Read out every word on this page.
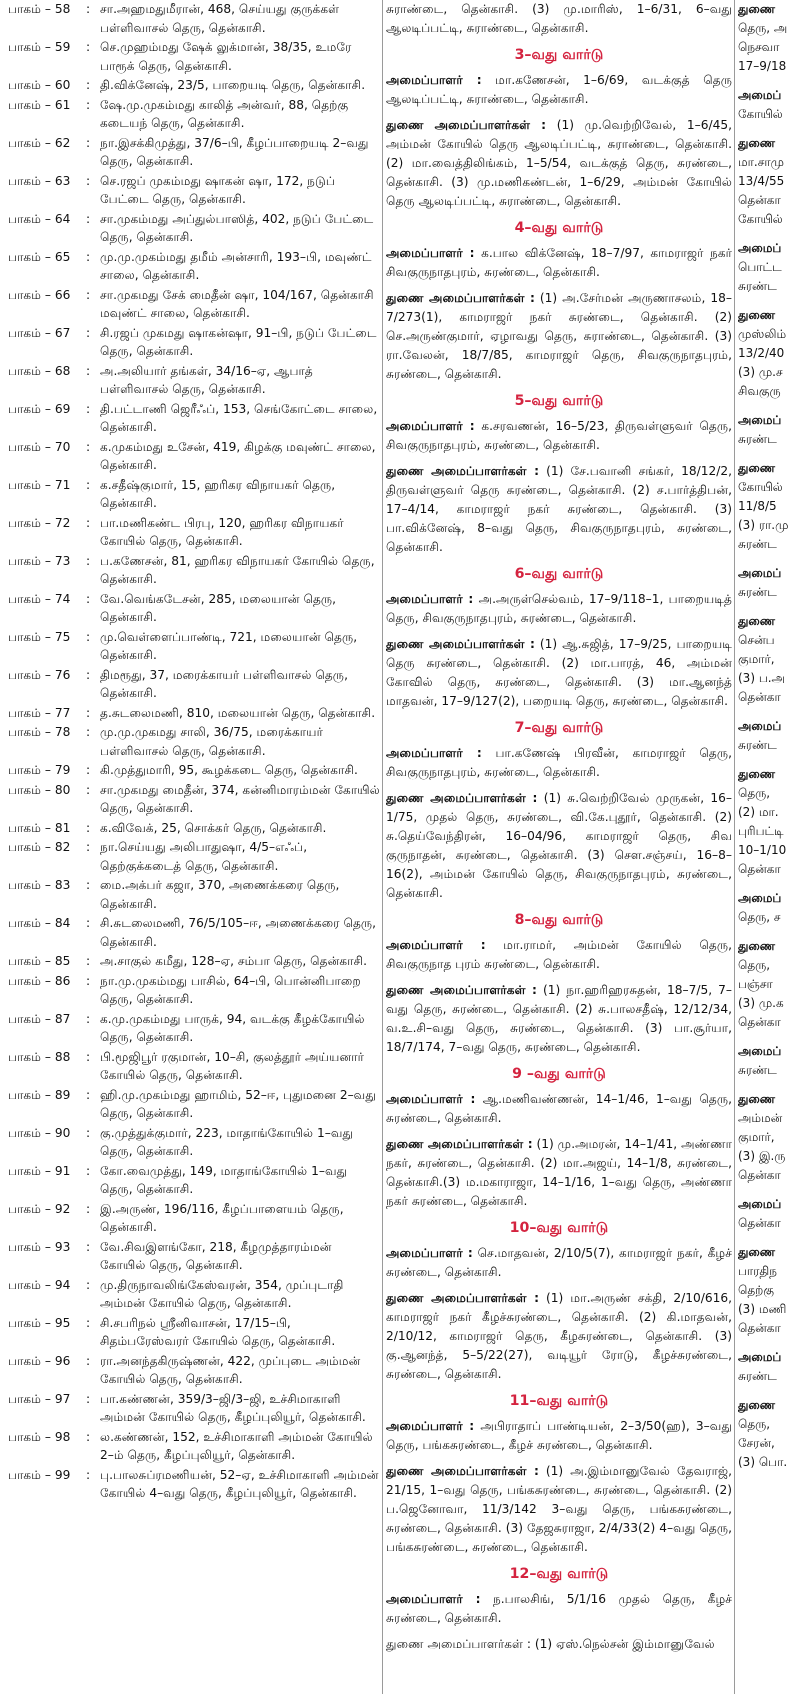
பாகம் – 58	: சா.அஹமதுமீரான், 468, செய்யது குருக்கள் பள்ளிவாசல் தெரு, தென்காசி.
பாகம் – 59	: செ.முஹம்மது ஷேக் லுக்மான், 38/35, உமரே பாரூக் தெரு, தென்காசி.
பாகம் – 60	: தி.விக்னேஷ், 23/5, பாறையடி தெரு, தென்காசி.
பாகம் – 61	: ஷே.மு.முகம்மது காலித் அன்வர், 88, தெற்கு கடையந் தெரு, தென்காசி.
பாகம் – 62	: நா.இசக்கிமுத்து, 37/6–பி, கீழப்பாறையடி 2–வது தெரு, தென்காசி.
பாகம் – 63	: செ.ரஜப் முகம்மது ஷாகன் ஷா, 172, நடுப் பேட்டை தெரு, தென்காசி.
பாகம் – 64	: சா.முகம்மது அப்துல்பாஸித், 402, நடுப் பேட்டை தெரு, தென்காசி.
பாகம் – 65	: மு.மு.முகம்மது தமீம் அன்சாரி, 193–பி, மவுண்ட் சாலை, தென்காசி.
பாகம் – 66	: சா.முகமது சேக் மைதீன் ஷா, 104/167, தென்காசி மவுண்ட் சாலை, தென்காசி.
பாகம் – 67	: சி.ரஜப் முகமது ஷாகன்ஷா, 91–பி, நடுப் பேட்டை தெரு, தென்காசி.
பாகம் – 68	: அ.அலியார் தங்கள், 34/16–ஏ, ஆபாத் பள்ளிவாசல் தெரு, தென்காசி.
பாகம் – 69	: தி.பட்டாணி ஜெரீஃப், 153, செங்கோட்டை சாலை, தென்காசி.
பாகம் – 70	: க.முகம்மது உசேன், 419, கிழக்கு மவுண்ட் சாலை, தென்காசி.
பாகம் – 71	: க.சதீஷ்குமார், 15, ஹரிகர விநாயகர் தெரு, தென்காசி.
பாகம் – 72	: பா.மணிகண்ட பிரபு, 120, ஹரிகர விநாயகர் கோயில் தெரு, தென்காசி.
பாகம் – 73	: ப.கணேசன், 81, ஹரிகர விநாயகர் கோயில் தெரு, தென்காசி.
பாகம் – 74	: வே.வெங்கடேசன், 285, மலையான் தெரு, தென்காசி.
பாகம் – 75	: மு.வெள்ளைப்பாண்டி, 721, மலையான் தெரு, தென்காசி.
பாகம் – 76	: திமரூது, 37, மரைக்காயர் பள்ளிவாசல் தெரு, தென்காசி.
பாகம் – 77	: த.சுடலைமணி, 810, மலையான் தெரு, தென்காசி.
பாகம் – 78	: மு.மு.முகமது சாலி, 36/75, மரைக்காயர் பள்ளிவாசல் தெரு, தென்காசி.
பாகம் – 79	: கி.முத்துமாரி, 95, கூழக்கடை தெரு, தென்காசி.
பாகம் – 80	: சா.முகமது மைதீன், 374, கன்னிமாரம்மன் கோயில் தெரு, தென்காசி.
பாகம் – 81	: க.விவேக், 25, சொக்கர் தெரு, தென்காசி.
பாகம் – 82	: நா.செய்யது அலிபாதுஷா, 4/5–எஃப், தெற்குக்கடைத் தெரு, தென்காசி.
பாகம் – 83	: மை.அக்பர் கஜா, 370, அணைக்கரை தெரு, தென்காசி.
பாகம் – 84	: சி.சுடலைமணி, 76/5/105–ஈ, அணைக்கரை தெரு, தென்காசி.
பாகம் – 85	: அ.சாகுல் கமீது, 128–ஏ, சம்பா தெரு, தென்காசி.
பாகம் – 86	: நா.மு.முகம்மது பாசில், 64–பி, பொன்னிபாறை தெரு, தென்காசி.
பாகம் – 87	: க.மு.முகம்மது பாருக், 94, வடக்கு கீழக்கோயில் தெரு, தென்காசி.
பாகம் – 88	: பி.மூஜிபூர் ரகுமான், 10–சி, குலத்தூர் அய்யனார் கோயில் தெரு, தென்காசி.
பாகம் – 89	: ஹி.மு.முகம்மது ஹாமிம், 52–ஈ, புதுமனை 2–வது தெரு, தென்காசி.
பாகம் – 90	: கு.முத்துக்குமார், 223, மாதாங்கோயில் 1–வது தெரு, தென்காசி.
பாகம் – 91	: கோ.வைமுத்து, 149, மாதாங்கோயில் 1–வது தெரு, தென்காசி.
பாகம் – 92	: இ.அருண், 196/116, கீழப்பாளையம் தெரு, தென்காசி.
பாகம் – 93	: வே.சிவஇளங்கோ, 218, கீழமுத்தாரம்மன் கோயில் தெரு, தென்காசி.
பாகம் – 94	: மு.திருநாவலிங்கேஸ்வரன், 354, முப்புடாதி அம்மன் கோயில் தெரு, தென்காசி.
பாகம் – 95	: சி.சபரிநல் ஸ்ரீனிவாசன், 17/15–பி, சிதம்பரேஸ்வரர் கோயில் தெரு, தென்காசி.
பாகம் – 96	: ரா.அனந்தகிருஷ்ணன், 422, முப்புடை அம்மன் கோயில் தெரு, தென்காசி.
பாகம் – 97	: பா.கண்ணன், 359/3–ஜி/3–ஜி, உச்சிமாகாளி அம்மன் கோயில் தெரு, கீழப்புலியூர், தென்காசி.
பாகம் – 98	: ல.கண்ணன், 152, உச்சிமாகாளி அம்மன் கோயில் 2–ம் தெரு, கீழப்புலியூர், தென்காசி.
பாகம் – 99	: பு.பாலசுப்ரமணியன், 52–ஏ, உச்சிமாகாளி அம்மன் கோயில் 4–வது தெரு, கீழப்புலியூர், தென்காசி.

சுராண்டை, தென்காசி. (3) மு.மாரிஸ், 1–6/31, 6–வது ஆலடிப்பட்டி, சுராண்டை, தென்காசி.

3–வது வார்டு

அமைப்பாளர் : மா.கணேசன், 1–6/69, வடக்குத் தெரு ஆலடிப்பட்டி, சுராண்டை, தென்காசி.

துணை அமைப்பாளர்கள் : (1) மு.வெற்றிவேல், 1–6/45, அம்மன் கோயில் தெரு ஆலடிப்பட்டி, சுராண்டை, தென்காசி. (2) மா.வைத்திலிங்கம், 1–5/54, வடக்குத் தெரு, சுரண்டை, தென்காசி. (3) மு.மணிகண்டன், 1–6/29, அம்மன் கோயில் தெரு ஆலடிப்பட்டி, சுராண்டை, தென்காசி.

4–வது வார்டு

அமைப்பாளர் : க.பால விக்னேஷ், 18–7/97, காமராஜர் நகர் சிவகுருநாதபுரம், சுரண்டை, தென்காசி.

துணை அமைப்பாளர்கள் : (1) அ.சேர்மன் அருணாசலம், 18–7/273(1), காமராஜர் நகர் சுரண்டை, தென்காசி. (2) செ.அருண்குமார், ஏழாவது தெரு, சுராண்டை, தென்காசி. (3) ரா.வேலன், 18/7/85, காமராஜர் தெரு, சிவகுருநாதபுரம், சுரண்டை, தென்காசி.

5–வது வார்டு

அமைப்பாளர் : க.சரவணன், 16–5/23, திருவள்ளுவர் தெரு, சிவகுருநாதபுரம், சுரண்டை, தென்காசி.

துணை அமைப்பாளர்கள் : (1) சே.பவானி சங்கர், 18/12/2, திருவள்ளுவர் தெரு சுரண்டை, தென்காசி. (2) ச.பார்த்திபன், 17–4/14, காமராஜர் நகர் சுரண்டை, தென்காசி. (3) பா.விக்னேஷ், 8–வது தெரு, சிவகுருநாதபுரம், சுரண்டை, தென்காசி.

6–வது வார்டு

அமைப்பாளர் : அ.அருள்செல்வம், 17–9/118–1, பாறையடித் தெரு, சிவகுருநாதபுரம், சுரண்டை, தென்காசி.

துணை அமைப்பாளர்கள் : (1) ஆ.சுஜித், 17–9/25, பாறையடி தெரு சுரண்டை, தென்காசி. (2) மா.பாரத், 46, அம்மன் கோவில் தெரு, சுரண்டை, தென்காசி. (3) மா.ஆனந்த் மாதவன், 17–9/127(2), பறையடி தெரு, சுரண்டை, தென்காசி.

7–வது வார்டு

அமைப்பாளர் : பா.கணேஷ் பிரவீன், காமராஜர் தெரு, சிவகுருநாதபுரம், சுரண்டை, தென்காசி.

துணை அமைப்பாளர்கள் : (1) சு.வெற்றிவேல் முருகன், 16–1/75, முதல் தெரு, சுரண்டை, வி.கே.புதூர், தென்காசி. (2) சு.தெய்வேந்திரன், 16–04/96, காமராஜர் தெரு, சிவ குருநாதன், சுரண்டை, தென்காசி. (3) சௌ.சஞ்சய், 16–8–16(2), அம்மன் கோயில் தெரு, சிவகுருநாதபுரம், சுரண்டை, தென்காசி.

8–வது வார்டு

அமைப்பாளர் : மா.ராமர், அம்மன் கோயில் தெரு, சிவகுருநாத புரம் சுரண்டை, தென்காசி.

துணை அமைப்பாளர்கள் : (1) நா.ஹரிஹரசுதன், 18–7/5, 7–வது தெரு, சுரண்டை, தென்காசி. (2) சு.பாலசதீஷ், 12/12/34, வ.உ.சி–வது தெரு, சுரண்டை, தென்காசி. (3) பா.சூர்யா, 18/7/174, 7–வது தெரு, சுரண்டை, தென்காசி.

9 –வது வார்டு

அமைப்பாளர் : ஆ.மணிவண்ணன், 14–1/46, 1–வது தெரு, சுரண்டை, தென்காசி.

துணை அமைப்பாளர்கள் : (1) மு.அமரன், 14–1/41, அண்ணா நகர், சுரண்டை, தென்காசி. (2) மா.அஜய், 14–1/8, சுரண்டை, தென்காசி.(3) ம.மகாராஜா, 14–1/16, 1–வது தெரு, அண்ணா நகர் சுரண்டை, தென்காசி.

10–வது வார்டு

அமைப்பாளர் : செ.மாதவன், 2/10/5(7), காமராஜர் நகர், கீழச் சுரண்டை, தென்காசி.

துணை அமைப்பாளர்கள் : (1) மா.அருண் சக்தி, 2/10/616, காமராஜர் நகர் கீழச்சுரண்டை, தென்காசி. (2) கி.மாதவன், 2/10/12, காமராஜர் தெரு, கீழசுரண்டை, தென்காசி. (3) கு.ஆனந்த், 5–5/22(27), வடியூர் ரோடு, கீழச்சுரண்டை, சுரண்டை, தென்காசி.

11–வது வார்டு

அமைப்பாளர் : அபிராதாப் பாண்டியன், 2–3/50(ஹ), 3–வது தெரு, பங்கசுரண்டை, கீழச் சுரண்டை, தென்காசி.

துணை அமைப்பாளர்கள் : (1) அ.இம்மானுவேல் தேவராஜ், 21/15, 1–வது தெரு, பங்கசுரண்டை, சுரண்டை, தென்காசி. (2) ப.ஜெனோவா, 11/3/142 3–வது தெரு, பங்கசுரண்டை, சுரண்டை, தென்காசி. (3) தேஜசுராஜா, 2/4/33(2) 4–வது தெரு, பங்கசுரண்டை, சுரண்டை, தென்காசி.

12–வது வார்டு

அமைப்பாளர் : ந.பாலசிங், 5/1/16 முதல் தெரு, கீழச் சுரண்டை, தென்காசி.

துணை அமைப்பாளர்கள் : (1) ஏஸ்.நெல்சன் இம்மானுவேல்

துணை
தெரு, அ
நெசவா
17–9/18
அமைப்
கோயில்
துணை
மா.சாமு
13/4/55
தென்கா
கோயில்
அமைப்
பொட்ட
சுரண்ட
துணை
முஸ்லிம்
13/2/40
(3) மு.ச
சிவகுரு
அமைப்
சுரண்ட
துணை
கோயில்
11/8/5
(3) ரா.மு
சுரண்ட
அமைப்
சுரண்ட
துணை
சென்ப
குமார்,
(3) ப.அ
தென்கா
அமைப்
சுரண்ட
துணை
தெரு,
(2) மா.
புரிபட்டி
10–1/10
தென்கா
அமைப்
தெரு, ச
துணை
தெரு,
பஞ்சா
(3) மு.க
தென்கா
அமைப்
சுரண்ட
துணை
அம்மன்
குமார்,
(3) இ.ரு
தென்கா
அமைப்
தென்கா
துணை
பாரதிந
தெற்கு
(3) மணி
தென்கா
அமைப்
சுரண்ட
துணை
தெரு,
சேரன்,
(3) பொ.
